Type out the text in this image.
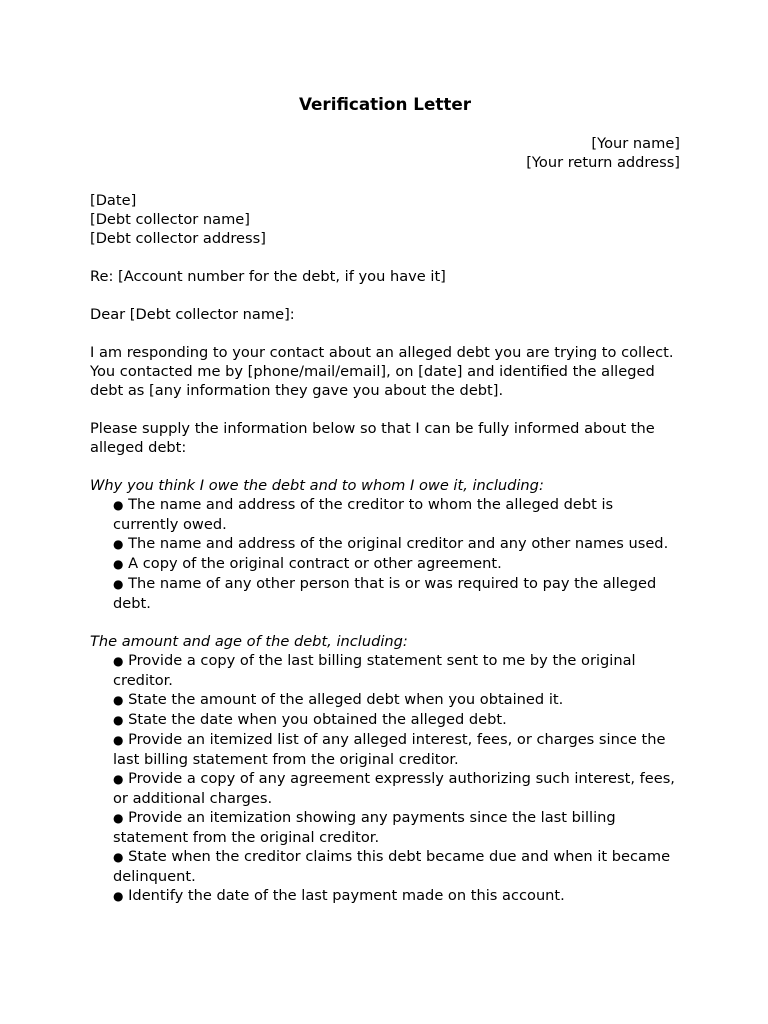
Verification Letter
[Your name]
[Your return address]
[Date]
[Debt collector name]
[Debt collector address]

Re: [Account number for the debt, if you have it]

Dear [Debt collector name]:

I am responding to your contact about an alleged debt you are trying to collect. You contacted me by [phone/mail/email], on [date] and identified the alleged debt as [any information they gave you about the debt].

Please supply the information below so that I can be fully informed about the alleged debt:

Why you think I owe the debt and to whom I owe it, including:

● The name and address of the creditor to whom the alleged debt is currently owed.
● The name and address of the original creditor and any other names used.
● A copy of the original contract or other agreement.
● The name of any other person that is or was required to pay the alleged debt.

The amount and age of the debt, including:

● Provide a copy of the last billing statement sent to me by the original creditor.
● State the amount of the alleged debt when you obtained it.
● State the date when you obtained the alleged debt.
● Provide an itemized list of any alleged interest, fees, or charges since the last billing statement from the original creditor.
● Provide a copy of any agreement expressly authorizing such interest, fees, or additional charges.
● Provide an itemization showing any payments since the last billing statement from the original creditor.
● State when the creditor claims this debt became due and when it became delinquent.
● Identify the date of the last payment made on this account.
